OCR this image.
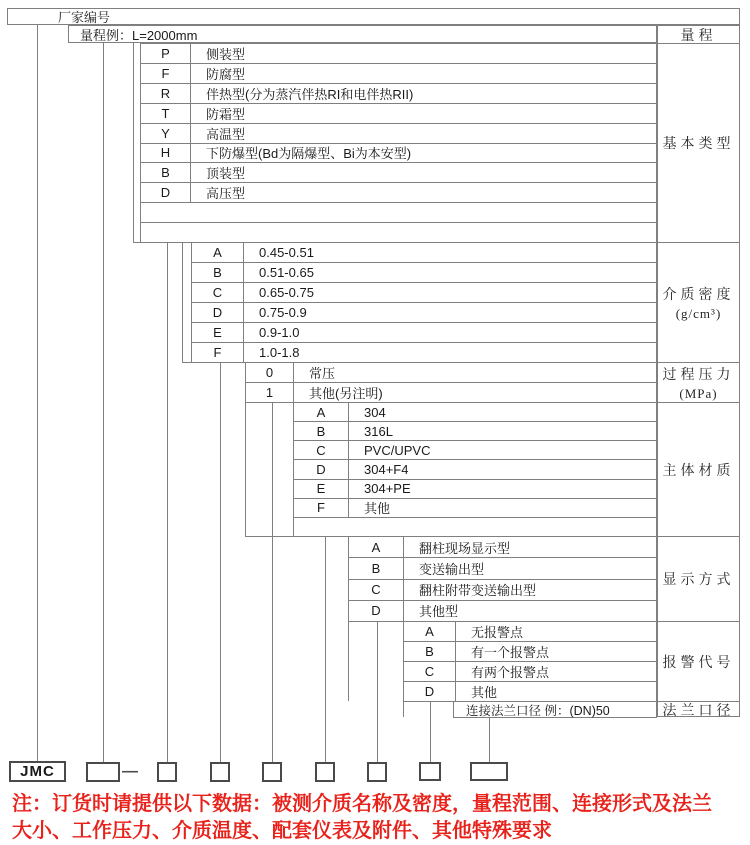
厂家编号
量程例：L=2000mm	量程
基本类型
介质密度
(g/cm³)
过程压力
(MPa)
主体材质
显示方式
报警代号
法兰口径
P	侧装型
F	防腐型
R	伴热型(分为蒸汽伴热RI和电伴热RII)
T	防霜型
Y	高温型
H	下防爆型(Bd为隔爆型、Bi为本安型)
B	顶装型
D	高压型
A	0.45-0.51
B	0.51-0.65
C	0.65-0.75
D	0.75-0.9
E	0.9-1.0
F	1.0-1.8
0	常压
1	其他(另注明)
A	304
B	316L
C	PVC/UPVC
D	304+F4
E	304+PE
F	其他
A	翻柱现场显示型
B	变送输出型
C	翻柱附带变送输出型
D	其他型
A	无报警点
B	有一个报警点
C	有两个报警点
D	其他
连接法兰口径 例：(DN)50
JMC	—
注：订货时请提供以下数据：被测介质名称及密度，量程范围、连接形式及法兰
大小、工作压力、介质温度、配套仪表及附件、其他特殊要求
